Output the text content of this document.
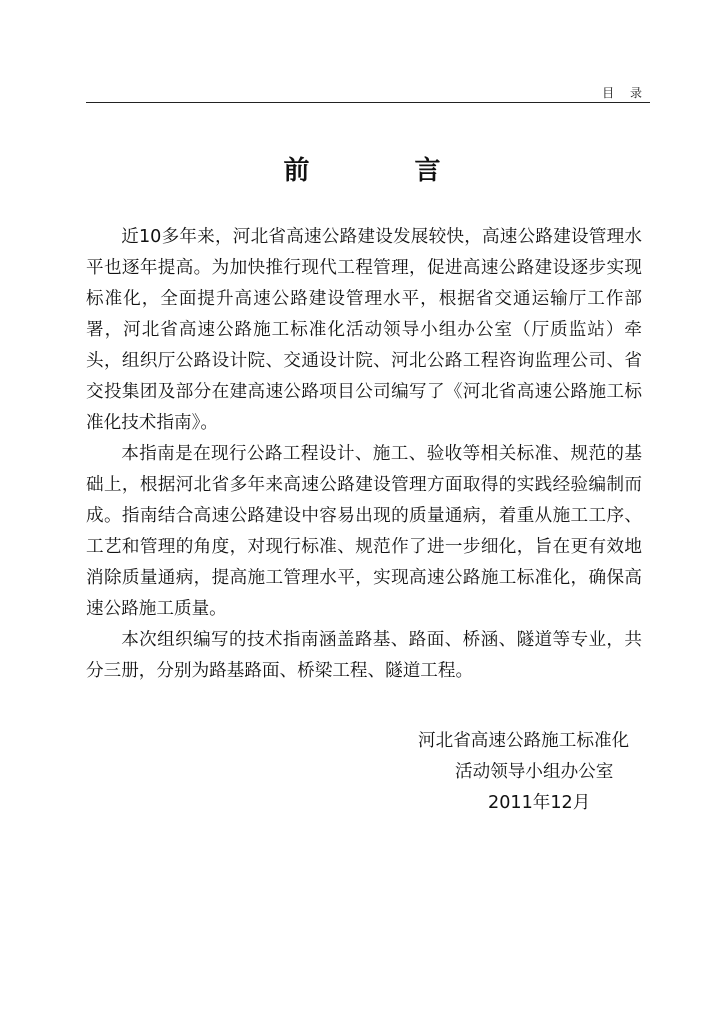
目 录
前 言

近10多年来，河北省高速公路建设发展较快，高速公路建设管理水平也逐年提高。为加快推行现代工程管理，促进高速公路建设逐步实现标准化，全面提升高速公路建设管理水平，根据省交通运输厅工作部署，河北省高速公路施工标准化活动领导小组办公室（厅质监站）牵头，组织厅公路设计院、交通设计院、河北公路工程咨询监理公司、省交投集团及部分在建高速公路项目公司编写了《河北省高速公路施工标准化技术指南》。

本指南是在现行公路工程设计、施工、验收等相关标准、规范的基础上，根据河北省多年来高速公路建设管理方面取得的实践经验编制而成。指南结合高速公路建设中容易出现的质量通病，着重从施工工序、工艺和管理的角度，对现行标准、规范作了进一步细化，旨在更有效地消除质量通病，提高施工管理水平，实现高速公路施工标准化，确保高速公路施工质量。

本次组织编写的技术指南涵盖路基、路面、桥涵、隧道等专业，共分三册，分别为路基路面、桥梁工程、隧道工程。

河北省高速公路施工标准化
活动领导小组办公室
2011年12月
